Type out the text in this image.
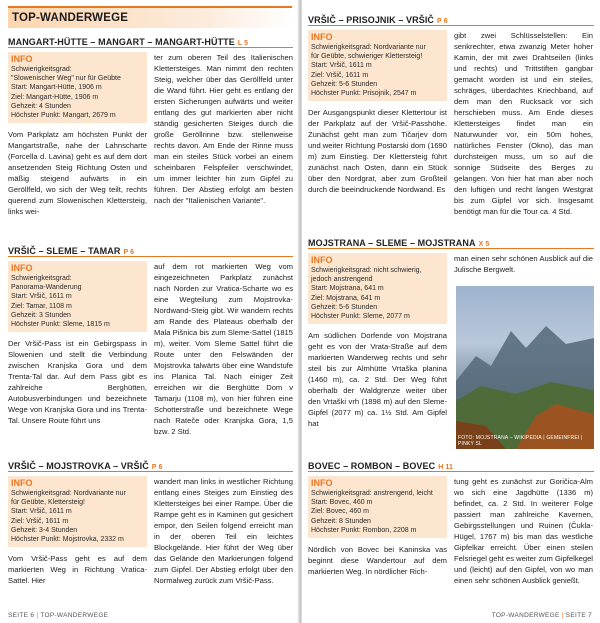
TOP-WANDERWEGE
MANGART-HÜTTE – MANGART – MANGART-HÜTTE L 5
INFO
Schwierigkeitsgrad:
"Slowenischer Weg" nur für Geübte
Start: Mangart-Hütte, 1906 m
Ziel: Mangart-Hütte, 1906 m
Gehzeit: 4 Stunden
Höchster Punkt: Mangart, 2679 m

Vom Parkplatz am höchsten Punkt der Mangartstraße, nahe der Lahnscharte (Forcella d. Lavina) geht es auf dem dort ansetzenden Steig Richtung Osten und mäßig steigend aufwärts in ein Geröllfeld, wo sich der Weg teilt, rechts querend zum Slowenischen Klettersteig, links wei-

ter zum oberen Teil des Italienischen Klettersteiges. Man nimmt den rechten Steig, welcher über das Geröllfeld unter die Wand führt. Hier geht es entlang der ersten Sicherungen aufwärts und weiter entlang des gut markierten aber nicht ständig gesicherten Steiges durch die große Geröllrinne bzw. stellenweise rechts davon. Am Ende der Rinne muss man ein steiles Stück vorbei an einem scheinbaren Felspfeiler verschwindet, um immer leichter hin zum Gipfel zu führen. Der Abstieg erfolgt am besten nach der "Italienischen Variante".

VRŠIČ – SLEME – TAMAR P 6
INFO
Schwierigkeitsgrad:
Panorama-Wanderung
Start: Vršič, 1611 m
Ziel: Tamar, 1108 m
Gehzeit: 3 Stunden
Höchster Punkt: Sleme, 1815 m

Der Vršič-Pass ist ein Gebirgspass in Slowenien und stellt die Verbindung zwischen Kranjska Gora und dem Trenta-Tal dar. Auf dem Pass gibt es zahlreiche Berghütten, Autobusverbindungen und bezeichnete Wege von Kranjska Gora und ins Trenta-Tal. Unsere Route führt uns

auf dem rot markierten Weg vom eingezeichneten Parkplatz zunächst nach Norden zur Vratica-Scharte wo es eine Wegteilung zum Mojstrovka-Nordwand-Steig gibt. Wir wandern rechts am Rande des Plateaus oberhalb der Mala Pišnica bis zum Sleme-Sattel (1815 m), weiter. Vom Sleme Sattel führt die Route unter den Felswänden der Mojstrovka talwärts über eine Wandstufe ins Planica Tal. Nach einiger Zeit erreichen wir die Berghütte Dom v Tamarju (1108 m), von hier führen eine Schotterstraße und bezeichnete Wege nach Rateče oder Kranjska Gora, 1,5 bzw. 2 Std.

VRŠIČ – MOJSTROVKA – VRŠIČ P 6
INFO
Schwierigkeitsgrad: Nordvariante nur
für Geübte, Klettersteig!
Start: Vršič, 1611 m
Ziel: Vršič, 1611 m
Gehzeit: 3-4 Stunden
Höchster Punkt: Mojstrovka, 2332 m

Vom Vršič-Pass geht es auf dem markierten Weg in Richtung Vratica-Sattel. Hier

wandert man links in westlicher Richtung entlang eines Steiges zum Einstieg des Klettersteiges bei einer Rampe. Über die Rampe geht es in Kaminen gut gesichert empor, den Seilen folgend erreicht man in der oberen Teil ein leichtes Blockgelände. Hier führt der Weg über das Gelände den Markierungen folgend zum Gipfel. Der Abstieg erfolgt über den Normalweg zurück zum Vršič-Pass.

SEITE 6 | TOP-WANDERWEGE
VRŠIČ – PRISOJNIK – VRŠIČ P 6
INFO
Schwierigkeitsgrad: Nordvariante nur
für Geübte, schwieriger Klettersteig!
Start: Vršič, 1611 m
Ziel: Vršič, 1611 m
Gehzeit: 5-6 Stunden
Höchster Punkt: Prisojnik, 2547 m

Der Ausgangspunkt dieser Klettertour ist der Parkplatz auf der Vršič-Passhöhe. Zunächst geht man zum Tičarjev dom und weiter Richtung Postarski dom (1690 m) zum Einstieg. Der Klettersteig führt zunächst nach Osten, dann ein Stück über den Nordgrat, aber zum Großteil durch die beeindruckende Nordwand. Es

gibt zwei Schlüsselstellen: Ein senkrechter, etwa zwanzig Meter hoher Kamin, der mit zwei Drahtseilen (links und rechts) und Trittstiften gangbar gemacht worden ist und ein steiles, schräges, überdachtes Kriechband, auf dem man den Rucksack vor sich herschieben muss. Am Ende dieses Klettersteiges findet man ein Naturwunder vor, ein 50m hohes, natürliches Fenster (Okno), das man durchsteigen muss, um so auf die sonnige Südseite des Berges zu gelangen. Von hier hat man aber noch den luftigen und recht langen Westgrat bis zum Gipfel vor sich. Insgesamt benötigt man für die Tour ca. 4 Std.

MOJSTRANA – SLEME – MOJSTRANA X 5
INFO
Schwierigkeitsgrad: nicht schwierig,
jedoch anstrengend
Start: Mojstrana, 641 m
Ziel: Mojstrana, 641 m
Gehzeit: 5-6 Stunden
Höchster Punkt: Sleme, 2077 m

Am südlichen Dorfende von Mojstrana geht es von der Vrata-Straße auf dem markierten Wanderweg rechts und sehr steil bis zur Almhütte Vrtaška planina (1460 m), ca. 2 Std. Der Weg führt oberhalb der Waldgrenze weiter über den Vrtaški vrh (1898 m) auf den Sleme-Gipfel (2077 m) ca. 1½ Std. Am Gipfel hat

man einen sehr schönen Ausblick auf die Julische Bergwelt.

FOTO: MOJSTRANA – WIKIPEDIA | GEMEINFREI | PINKY SL
BOVEC – ROMBON – BOVEC H 11
INFO
Schwierigkeitsgrad: anstrengend, leicht
Start: Bovec, 460 m
Ziel: Bovec, 460 m
Gehzeit: 8 Stunden
Höchster Punkt: Rombon, 2208 m

Nördlich von Bovec bei Kaninska vas beginnt diese Wandertour auf dem markierten Weg. In nördlicher Rich-

tung geht es zunächst zur Goričica-Alm wo sich eine Jagdhütte (1336 m) befindet, ca. 2 Std. In weiterer Folge passiert man zahlreiche Kavernen, Gebirgsstellungen und Ruinen (Čukla-Hügel, 1767 m) bis man das westliche Gipfelkar erreicht. Über einen steilen Felsriegel geht es weiter zum Gipfelkegel und (leicht) auf den Gipfel, von wo man einen sehr schönen Ausblick genießt.

TOP-WANDERWEGE | SEITE 7
